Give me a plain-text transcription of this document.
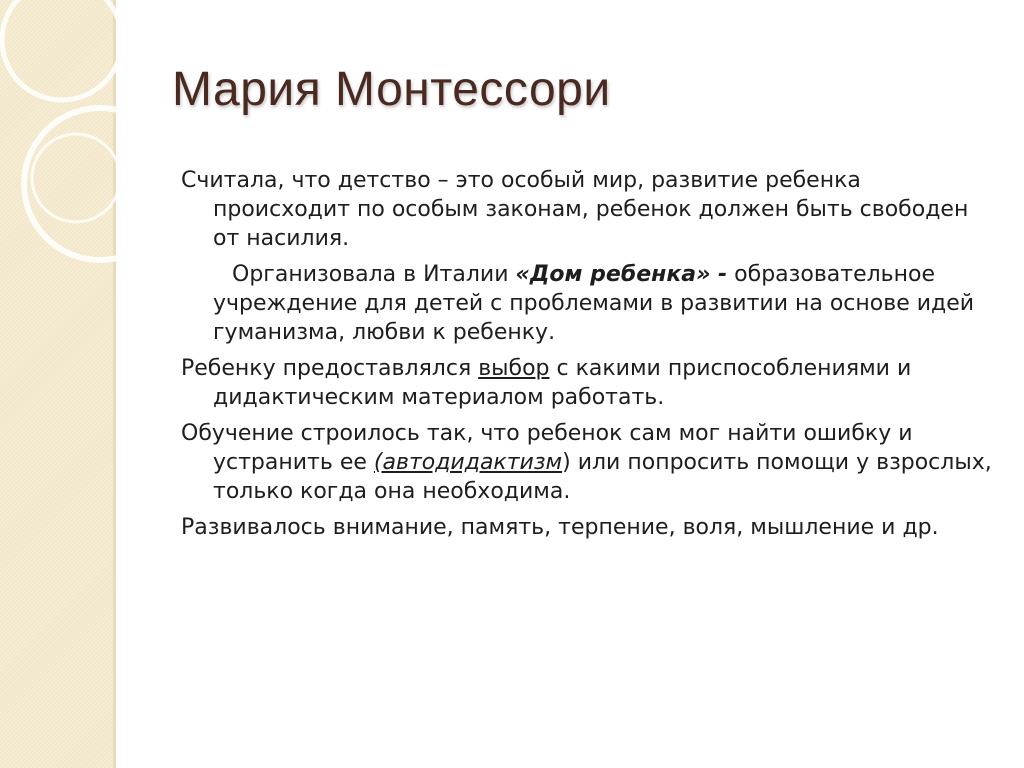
Мария Монтессори

Считала, что детство – это особый мир, развитие ребенка происходит по особым законам, ребенок должен быть свободен от насилия.

Организовала в Италии «Дом ребенка» - образовательное учреждение для детей с проблемами в развитии на основе идей гуманизма, любви к ребенку.

Ребенку предоставлялся выбор с какими приспособлениями и дидактическим материалом работать.

Обучение строилось так, что ребенок сам мог найти ошибку и устранить ее (автодидактизм) или попросить помощи у взрослых, только когда она необходима.

Развивалось внимание, память, терпение, воля, мышление и др.
